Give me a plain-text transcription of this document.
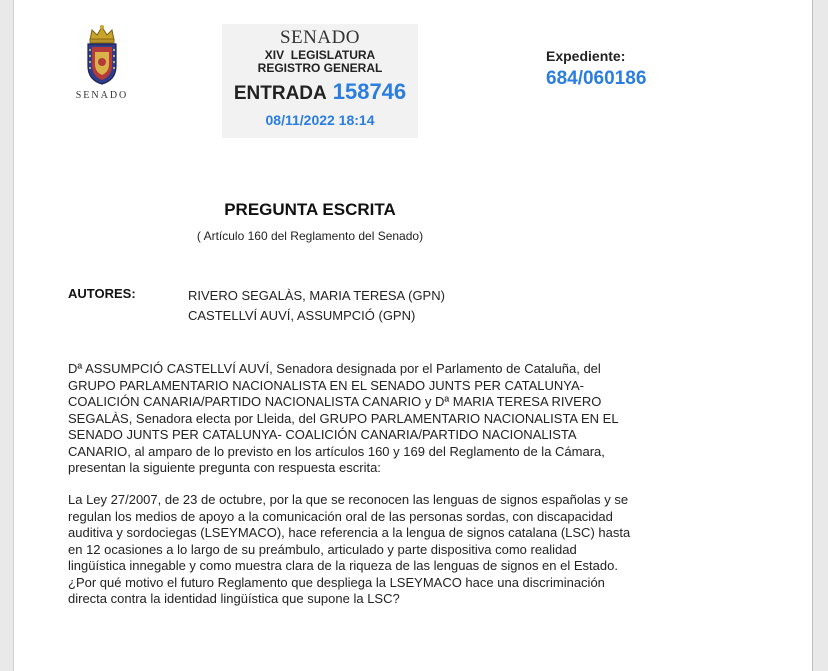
SENADO
SENADO
XIV  LEGISLATURA
REGISTRO GENERAL
ENTRADA 158746
08/11/2022 18:14
Expediente:
684/060186
PREGUNTA ESCRITA
( Artículo 160 del Reglamento del Senado)
AUTORES:	RIVERO SEGALÀS, MARIA TERESA (GPN)
CASTELLVÍ AUVÍ, ASSUMPCIÓ (GPN)
Dª ASSUMPCIÓ CASTELLVÍ AUVÍ, Senadora designada por el Parlamento de Cataluña, del
GRUPO PARLAMENTARIO NACIONALISTA EN EL SENADO JUNTS PER CATALUNYA-
COALICIÓN CANARIA/PARTIDO NACIONALISTA CANARIO y Dª MARIA TERESA RIVERO
SEGALÀS, Senadora electa por Lleida, del GRUPO PARLAMENTARIO NACIONALISTA EN EL
SENADO JUNTS PER CATALUNYA- COALICIÓN CANARIA/PARTIDO NACIONALISTA
CANARIO, al amparo de lo previsto en los artículos 160 y 169 del Reglamento de la Cámara,
presentan la siguiente pregunta con respuesta escrita:
La Ley 27/2007, de 23 de octubre, por la que se reconocen las lenguas de signos españolas y se
regulan los medios de apoyo a la comunicación oral de las personas sordas, con discapacidad
auditiva y sordociegas (LSEYMACO), hace referencia a la lengua de signos catalana (LSC) hasta
en 12 ocasiones a lo largo de su preámbulo, articulado y parte dispositiva como realidad
lingüística innegable y como muestra clara de la riqueza de las lenguas de signos en el Estado.
¿Por qué motivo el futuro Reglamento que despliega la LSEYMACO hace una discriminación
directa contra la identidad lingüística que supone la LSC?
